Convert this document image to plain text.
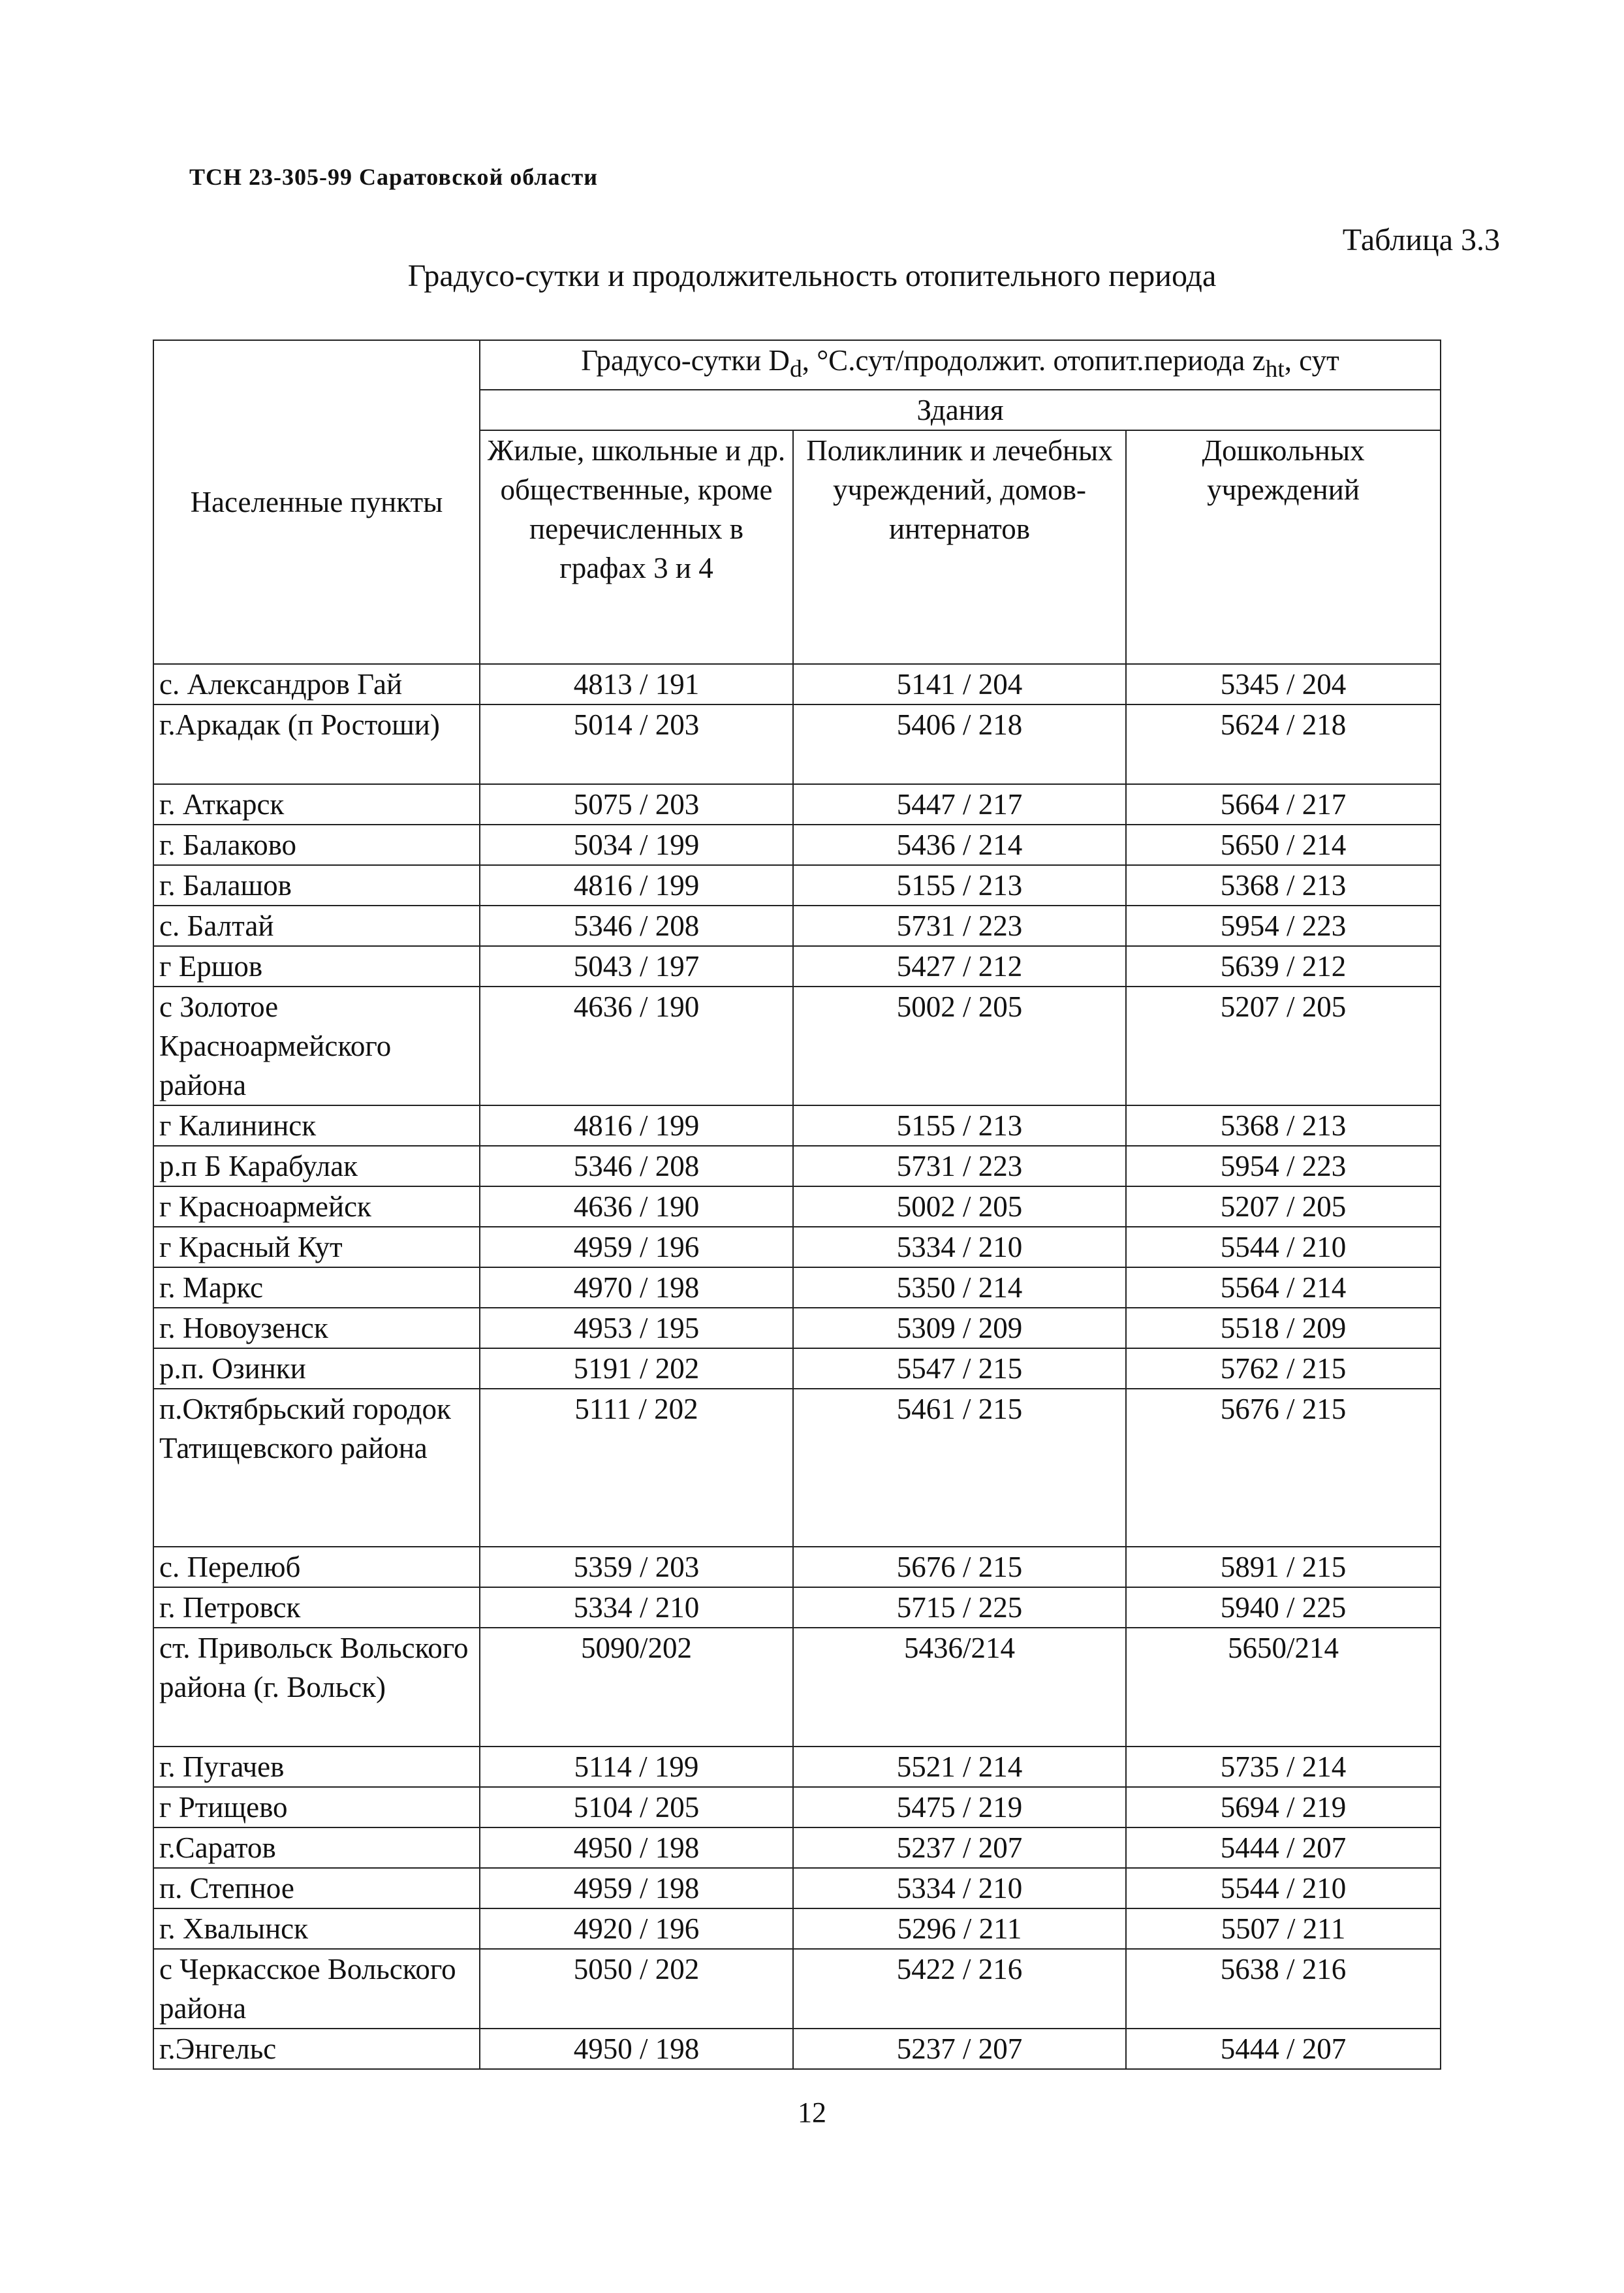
ТСН 23-305-99 Саратовской области
Таблица 3.3
Градусо-сутки и продолжительность отопительного периода
Населенные пункты	Градусо-сутки $D_d$, °С.сут/продолжит. отопит.периода $z_{ht}$, сут		
	Здания		
	Жилые, школьные и др. общественные, кроме перечисленных в графах 3 и 4	Поликлиник и лечебных учреждений, домов-интернатов	Дошкольных учреждений
с. Александров Гай	4813 / 191	5141 / 204	5345 / 204
г.Аркадак (п Ростоши)	5014 / 203	5406 / 218	5624 / 218
г. Аткарск	5075 / 203	5447 / 217	5664 / 217
г. Балаково	5034 / 199	5436 / 214	5650 / 214
г. Балашов	4816 / 199	5155 / 213	5368 / 213
с. Балтай	5346 / 208	5731 / 223	5954 / 223
г Ершов	5043 / 197	5427 / 212	5639 / 212
с Золотое Красноармейского района	4636 / 190	5002 / 205	5207 / 205
г Калининск	4816 / 199	5155 / 213	5368 / 213
р.п Б Карабулак	5346 / 208	5731 / 223	5954 / 223
г Красноармейск	4636 / 190	5002 / 205	5207 / 205
г Красный Кут	4959 / 196	5334 / 210	5544 / 210
г. Маркс	4970 / 198	5350 / 214	5564 / 214
г. Новоузенск	4953 / 195	5309 / 209	5518 / 209
р.п. Озинки	5191 / 202	5547 / 215	5762 / 215
п.Октябрьский городок Татищевского района	5111 / 202	5461 / 215	5676 / 215
с. Перелюб	5359 / 203	5676 / 215	5891 / 215
г. Петровск	5334 / 210	5715 / 225	5940 / 225
ст. Привольск Вольского района (г. Вольск)	5090/202	5436/214	5650/214
г. Пугачев	5114 / 199	5521 / 214	5735 / 214
г Ртищево	5104 / 205	5475 / 219	5694 / 219
г.Саратов	4950 / 198	5237 / 207	5444 / 207
п. Степное	4959 / 198	5334 / 210	5544 / 210
г. Хвалынск	4920 / 196	5296 / 211	5507 / 211
с Черкасское Вольского района	5050 / 202	5422 / 216	5638 / 216
г.Энгельс	4950 / 198	5237 / 207	5444 / 207
12
